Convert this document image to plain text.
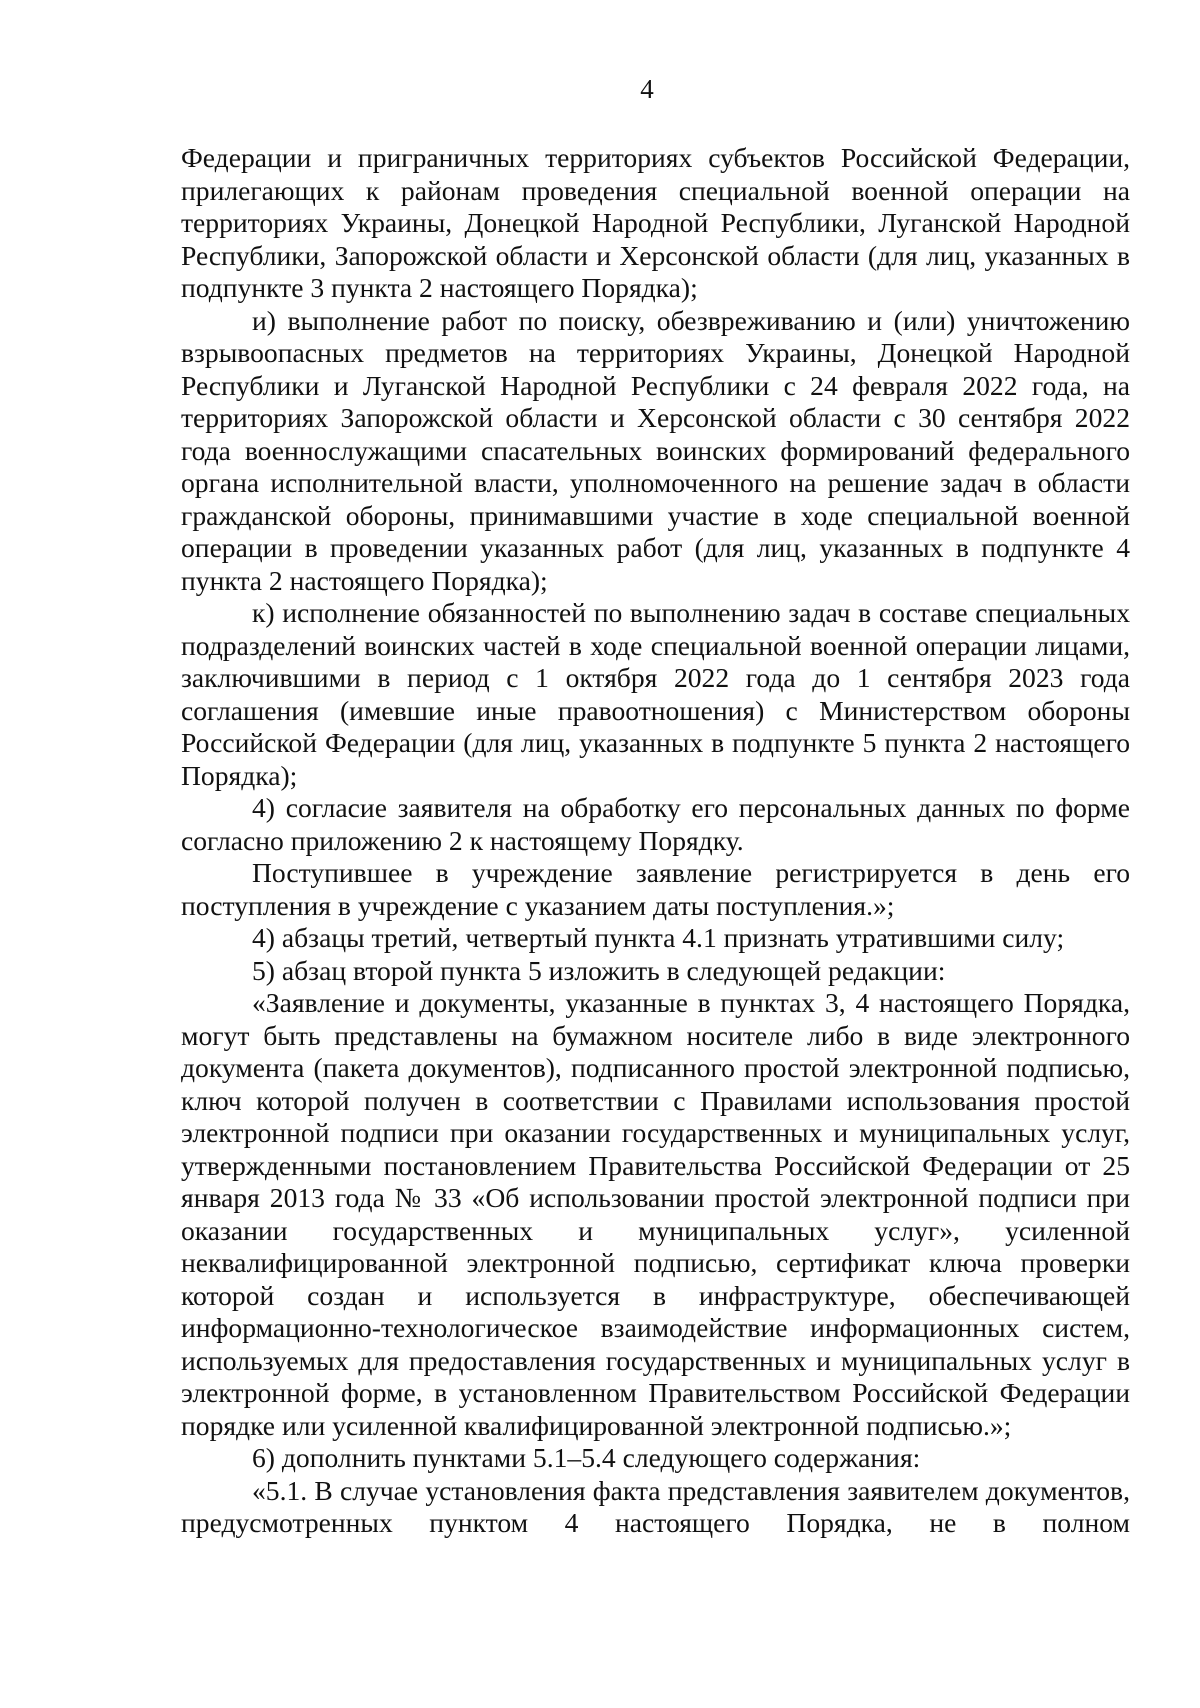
4

Федерации и приграничных территориях субъектов Российской Федерации, прилегающих к районам проведения специальной военной операции на территориях Украины, Донецкой Народной Республики, Луганской Народной Республики, Запорожской области и Херсонской области (для лиц, указанных в подпункте 3 пункта 2 настоящего Порядка);

и) выполнение работ по поиску, обезвреживанию и (или) уничтожению взрывоопасных предметов на территориях Украины, Донецкой Народной Республики и Луганской Народной Республики с 24 февраля 2022 года, на территориях Запорожской области и Херсонской области с 30 сентября 2022 года военнослужащими спасательных воинских формирований федерального органа исполнительной власти, уполномоченного на решение задач в области гражданской обороны, принимавшими участие в ходе специальной военной операции в проведении указанных работ (для лиц, указанных в подпункте 4 пункта 2 настоящего Порядка);

к) исполнение обязанностей по выполнению задач в составе специальных подразделений воинских частей в ходе специальной военной операции лицами, заключившими в период с 1 октября 2022 года до 1 сентября 2023 года соглашения (имевшие иные правоотношения) с Министерством обороны Российской Федерации (для лиц, указанных в подпункте 5 пункта 2 настоящего Порядка);

4) согласие заявителя на обработку его персональных данных по форме согласно приложению 2 к настоящему Порядку.

Поступившее в учреждение заявление регистрируется в день его поступления в учреждение с указанием даты поступления.»;

4) абзацы третий, четвертый пункта 4.1 признать утратившими силу;

5) абзац второй пункта 5 изложить в следующей редакции:

«Заявление и документы, указанные в пунктах 3, 4 настоящего Порядка, могут быть представлены на бумажном носителе либо в виде электронного документа (пакета документов), подписанного простой электронной подписью, ключ которой получен в соответствии с Правилами использования простой электронной подписи при оказании государственных и муниципальных услуг, утвержденными постановлением Правительства Российской Федерации от 25 января 2013 года № 33 «Об использовании простой электронной подписи при оказании государственных и муниципальных услуг», усиленной неквалифицированной электронной подписью, сертификат ключа проверки которой создан и используется в инфраструктуре, обеспечивающей информационно-технологическое взаимодействие информационных систем, используемых для предоставления государственных и муниципальных услуг в электронной форме, в установленном Правительством Российской Федерации порядке или усиленной квалифицированной электронной подписью.»;

6) дополнить пунктами 5.1–5.4 следующего содержания:

«5.1. В случае установления факта представления заявителем документов, предусмотренных пунктом 4 настоящего Порядка, не в полном
